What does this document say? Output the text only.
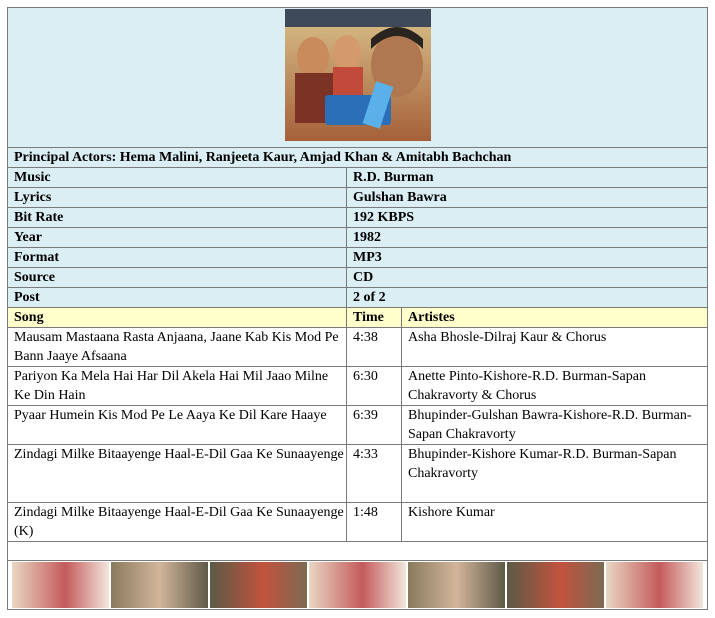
Principal Actors: Hema Malini, Ranjeeta Kaur, Amjad Khan & Amitabh Bachchan		
Music	R.D. Burman	
Lyrics	Gulshan Bawra	
Bit Rate	192 KBPS	
Year	1982	
Format	MP3	
Source	CD	
Post	2 of 2	
Song	Time	Artistes
Mausam Mastaana Rasta Anjaana, Jaane Kab Kis Mod Pe Bann Jaaye Afsaana	4:38	Asha Bhosle-Dilraj Kaur & Chorus
Pariyon Ka Mela Hai Har Dil Akela Hai Mil Jaao Milne Ke Din Hain	6:30	Anette Pinto-Kishore-R.D. Burman-Sapan Chakravorty & Chorus
Pyaar Humein Kis Mod Pe Le Aaya Ke Dil Kare Haaye	6:39	Bhupinder-Gulshan Bawra-Kishore-R.D. Burman-Sapan Chakravorty
Zindagi Milke Bitaayenge Haal-E-Dil Gaa Ke Sunaayenge	4:33	Bhupinder-Kishore Kumar-R.D. Burman-Sapan Chakravorty
Zindagi Milke Bitaayenge Haal-E-Dil Gaa Ke Sunaayenge (K)	1:48	Kishore Kumar
